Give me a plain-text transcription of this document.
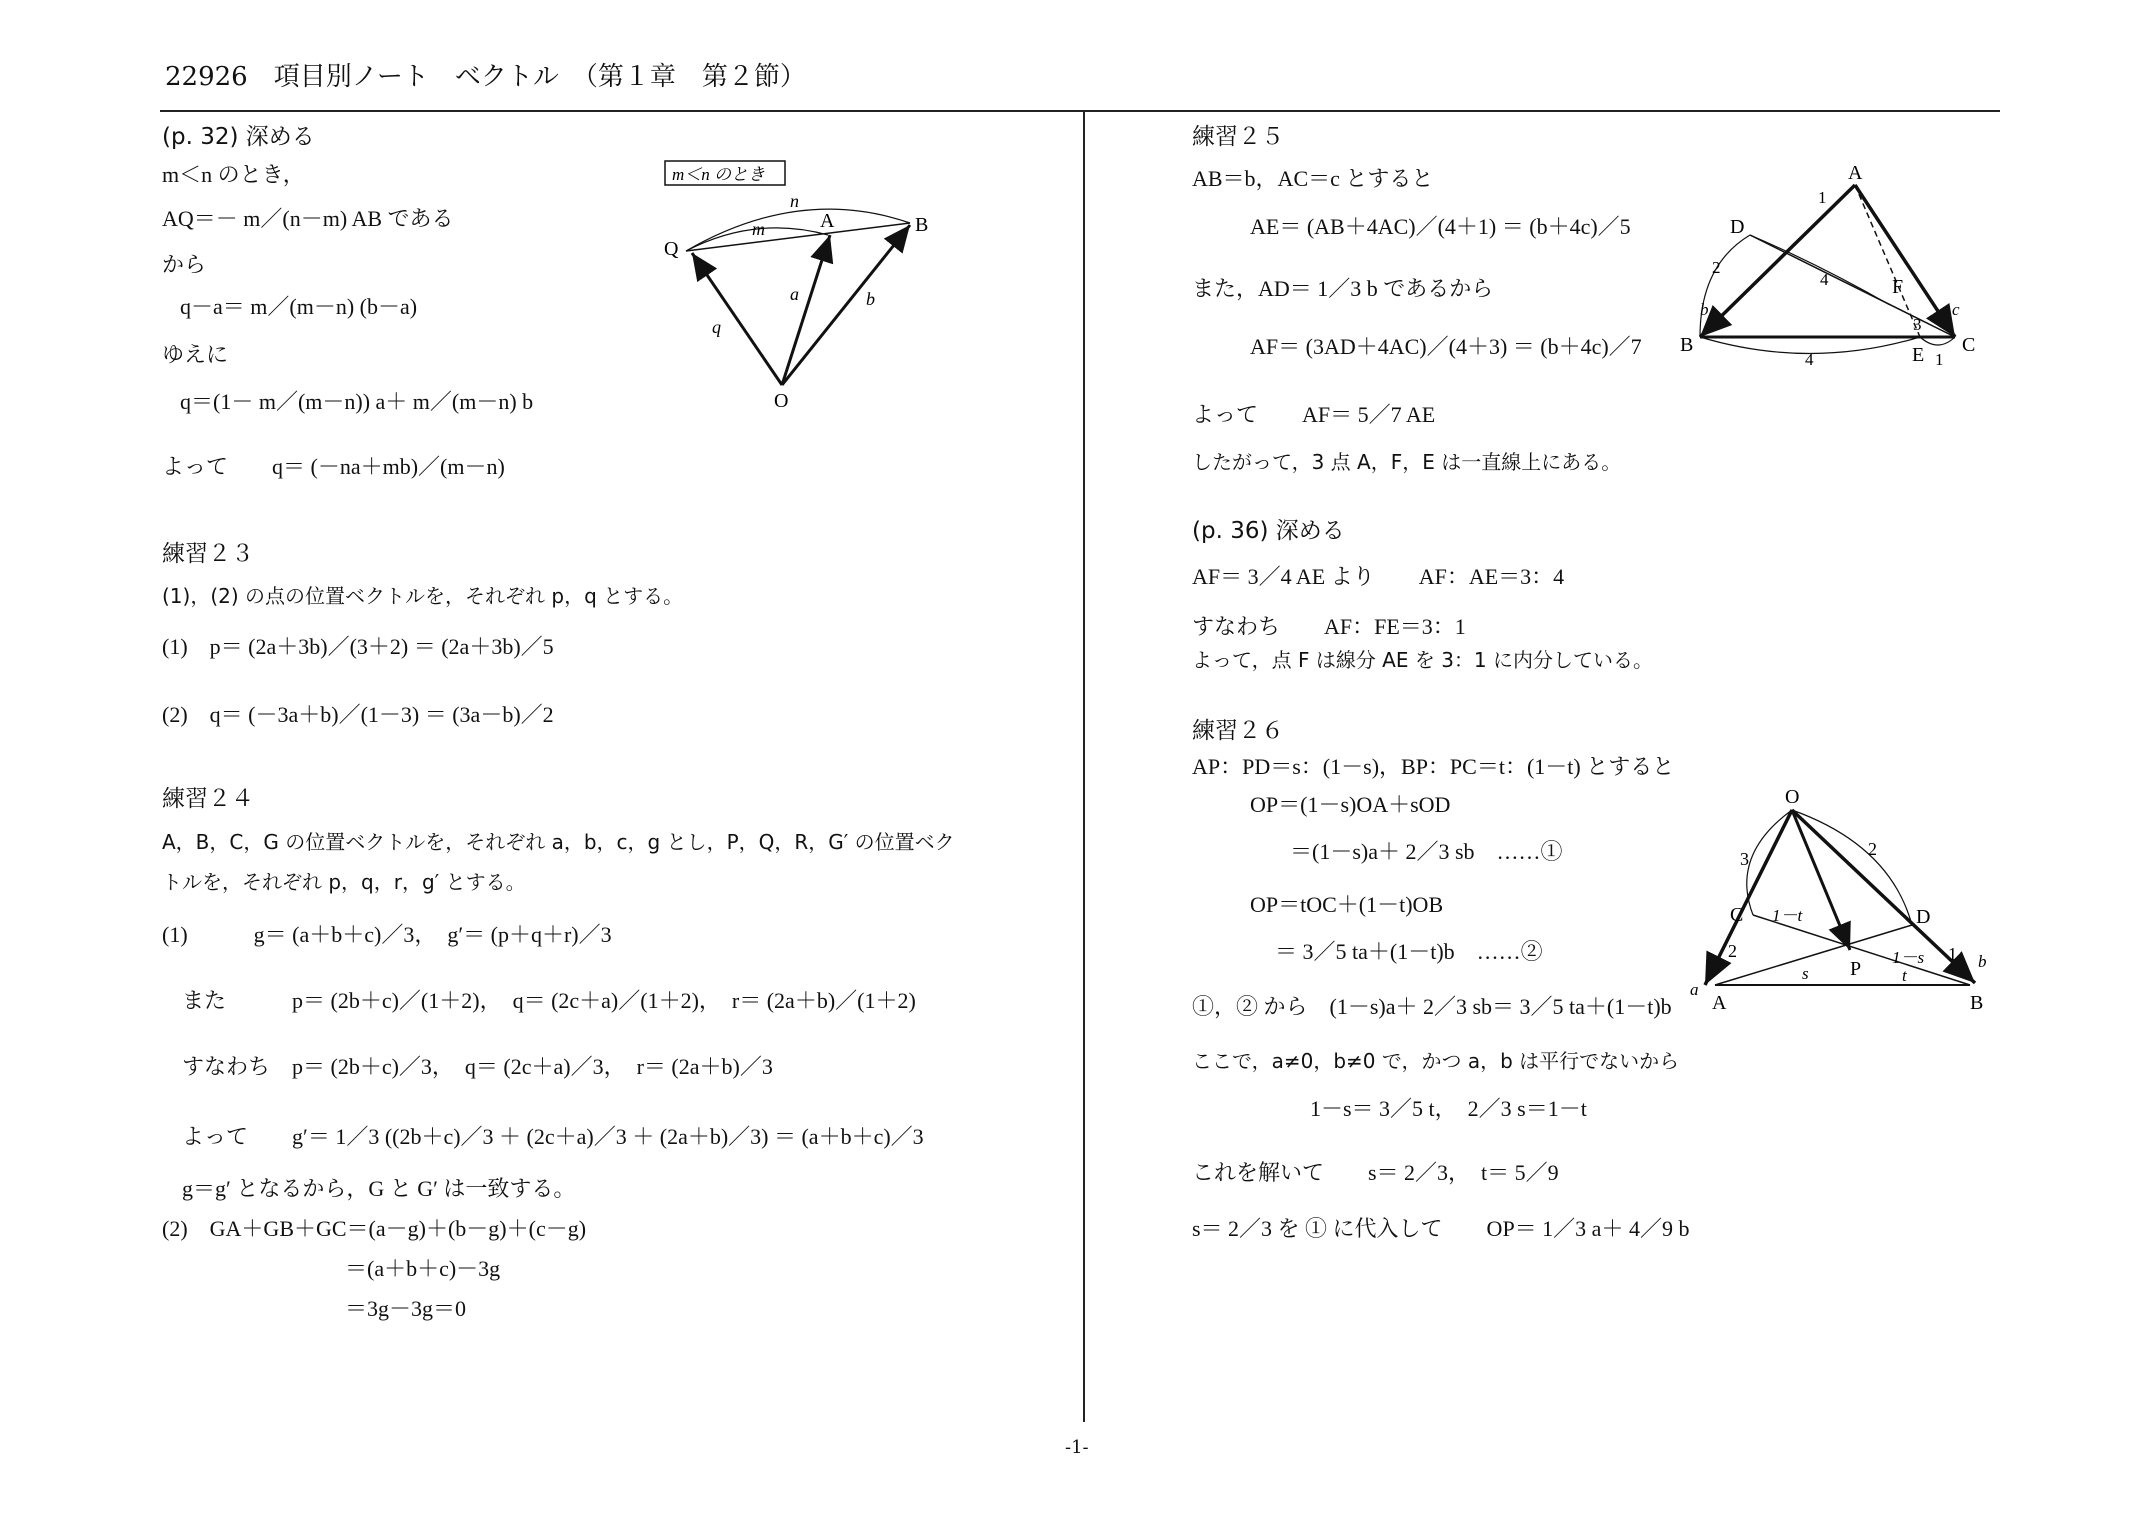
22926　項目別ノート　ベクトル　（第１章　第２節）
(p. 32) 深める
m＜n のとき，
AQ＝－ m／(n－m) AB である
から
q－a＝ m／(m－n) (b－a)
ゆえに
q＝(1－ m／(m－n)) a＋ m／(m－n) b
よって　　q＝ (－na＋mb)／(m－n)
m＜n のとき
Q
A	B
O
n
m
a	b
q
練習２３
(1)，(2) の点の位置ベクトルを，それぞれ p，q とする。
(1)　p＝ (2a＋3b)／(3＋2) ＝ (2a＋3b)／5
(2)　q＝ (－3a＋b)／(1－3) ＝ (3a－b)／2
練習２４
A，B，C，G の位置ベクトルを，それぞれ a，b，c，g とし，P，Q，R，G′ の位置ベク
トルを，それぞれ p，q，r，g′ とする。
(1)　　　g＝ (a＋b＋c)／3，　g′＝ (p＋q＋r)／3
また　　　p＝ (2b＋c)／(1＋2)，　q＝ (2c＋a)／(1＋2)，　r＝ (2a＋b)／(1＋2)
すなわち　p＝ (2b＋c)／3，　q＝ (2c＋a)／3，　r＝ (2a＋b)／3
よって　　g′＝ 1／3 ((2b＋c)／3 ＋ (2c＋a)／3 ＋ (2a＋b)／3) ＝ (a＋b＋c)／3
g＝g′ となるから，G と G′ は一致する。
(2)　GA＋GB＋GC＝(a－g)＋(b－g)＋(c－g)
＝(a＋b＋c)－3g
＝3g－3g＝0
練習２５
AB＝b，AC＝c とすると
AE＝ (AB＋4AC)／(4＋1) ＝ (b＋4c)／5
また，AD＝ 1／3 b であるから
AF＝ (3AD＋4AC)／(4＋3) ＝ (b＋4c)／7
よって　　AF＝ 5／7 AE
したがって，3 点 A，F，E は一直線上にある。
A
B	C
D
E
F
1
2
4
3
4	1
b	c
(p. 36) 深める
AF＝ 3／4 AE より　　AF：AE＝3：4
すなわち　　AF：FE＝3：1
よって，点 F は線分 AE を 3：1 に内分している。
練習２６
AP：PD＝s：(1－s)，BP：PC＝t：(1－t) とすると
OP＝(1－s)OA＋sOD
＝(1－s)a＋ 2／3 sb　……①
OP＝tOC＋(1－t)OB
＝ 3／5 ta＋(1－t)b　……②
①，② から　(1－s)a＋ 2／3 sb＝ 3／5 ta＋(1－t)b
ここで，a≠0，b≠0 で，かつ a，b は平行でないから
1－s＝ 3／5 t，　2／3 s＝1－t
これを解いて　　s＝ 2／3，　t＝ 5／9
s＝ 2／3 を ① に代入して　　OP＝ 1／3 a＋ 4／9 b
O
A	B
C	D
P
3	2
2	1
1－t
1－s
s	t
a
b
-1-
